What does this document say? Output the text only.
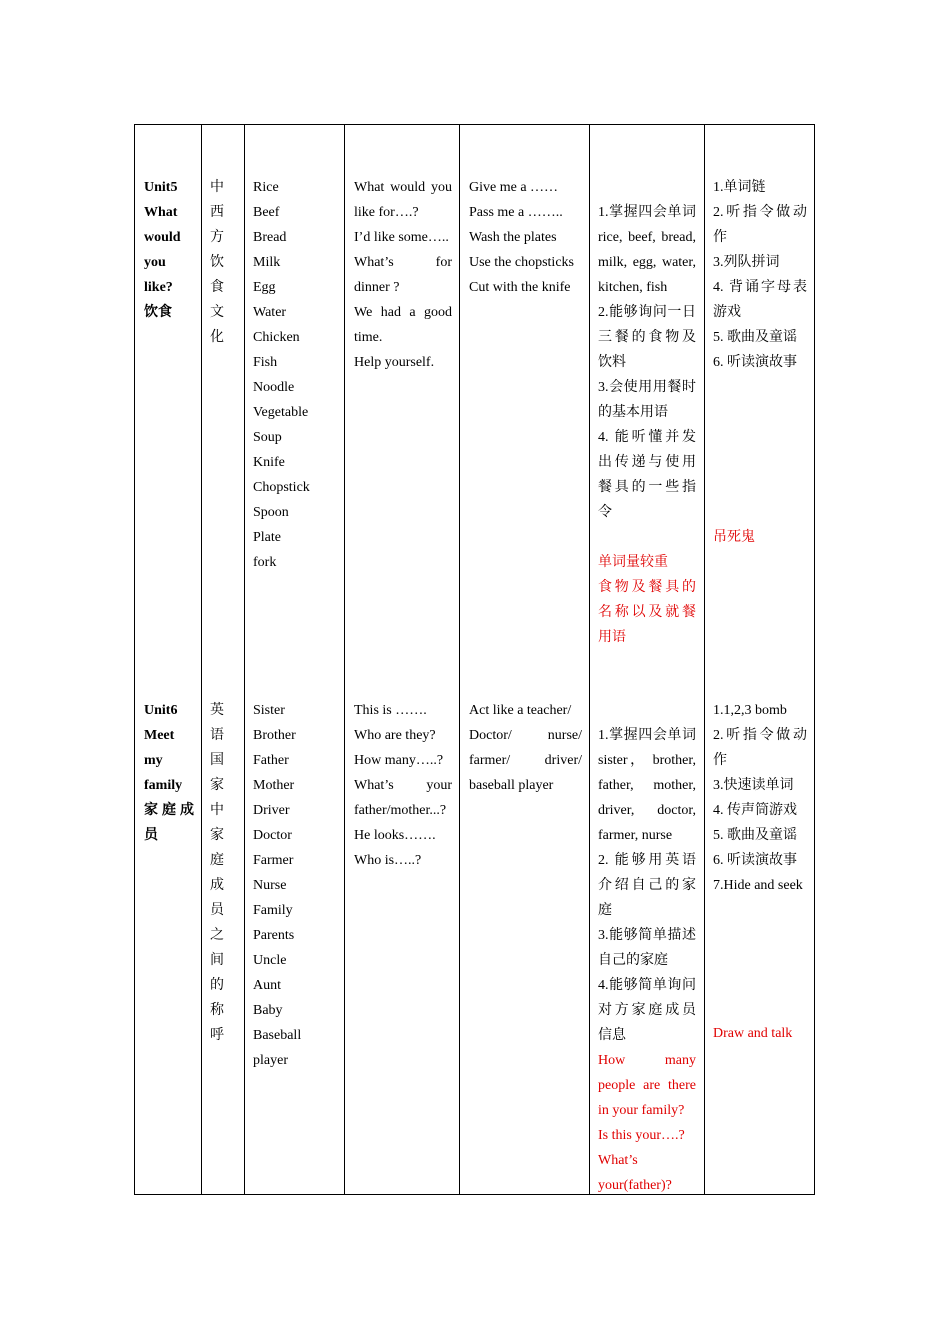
Unit5
What
would
you
like?
饮食
中
西
方
饮
食
文
化
Rice
Beef
Bread
Milk
Egg
Water
Chicken
Fish
Noodle
Vegetable
Soup
Knife
Chopstick
Spoon
Plate
fork
What would you
like for….?
I’d like some…..
What’s for
dinner ?
We had a good
time.
Help yourself.
Give me a ……
Pass me a ……..
Wash the plates
Use the chopsticks
Cut with the knife
1.掌握四会单词
rice, beef, bread,
milk, egg, water,
kitchen, fish
2.能够询问一日
三餐的食物及
饮料
3.会使用用餐时
的基本用语
4. 能听懂并发
出传递与使用
餐具的一些指
令
单词量较重
食物及餐具的
名称以及就餐
用语
1.单词链
2.听指令做动
作
3.列队拼词
4. 背诵字母表
游戏
5. 歌曲及童谣
6. 听读演故事
吊死鬼
Unit6
Meet
my
family
家庭成
员
英
语
国
家
中
家
庭
成
员
之
间
的
称
呼
Sister
Brother
Father
Mother
Driver
Doctor
Farmer
Nurse
Family
Parents
Uncle
Aunt
Baby
Baseball
player
This is …….
Who are they?
How many…..?
What’s your
father/mother...?
He looks…….
Who is…..?
Act like a teacher/
Doctor/ nurse/
farmer/ driver/
baseball player
1.掌握四会单词
sister， brother,
father, mother,
driver, doctor,
farmer, nurse
2. 能够用英语
介绍自己的家
庭
3.能够简单描述
自己的家庭
4.能够简单询问
对方家庭成员
信息
How many
people are there
in your family?
Is this your….?
What’s
your(father)?
1.1,2,3 bomb
2.听指令做动
作
3.快速读单词
4. 传声筒游戏
5. 歌曲及童谣
6. 听读演故事
7.Hide and seek
Draw and talk
